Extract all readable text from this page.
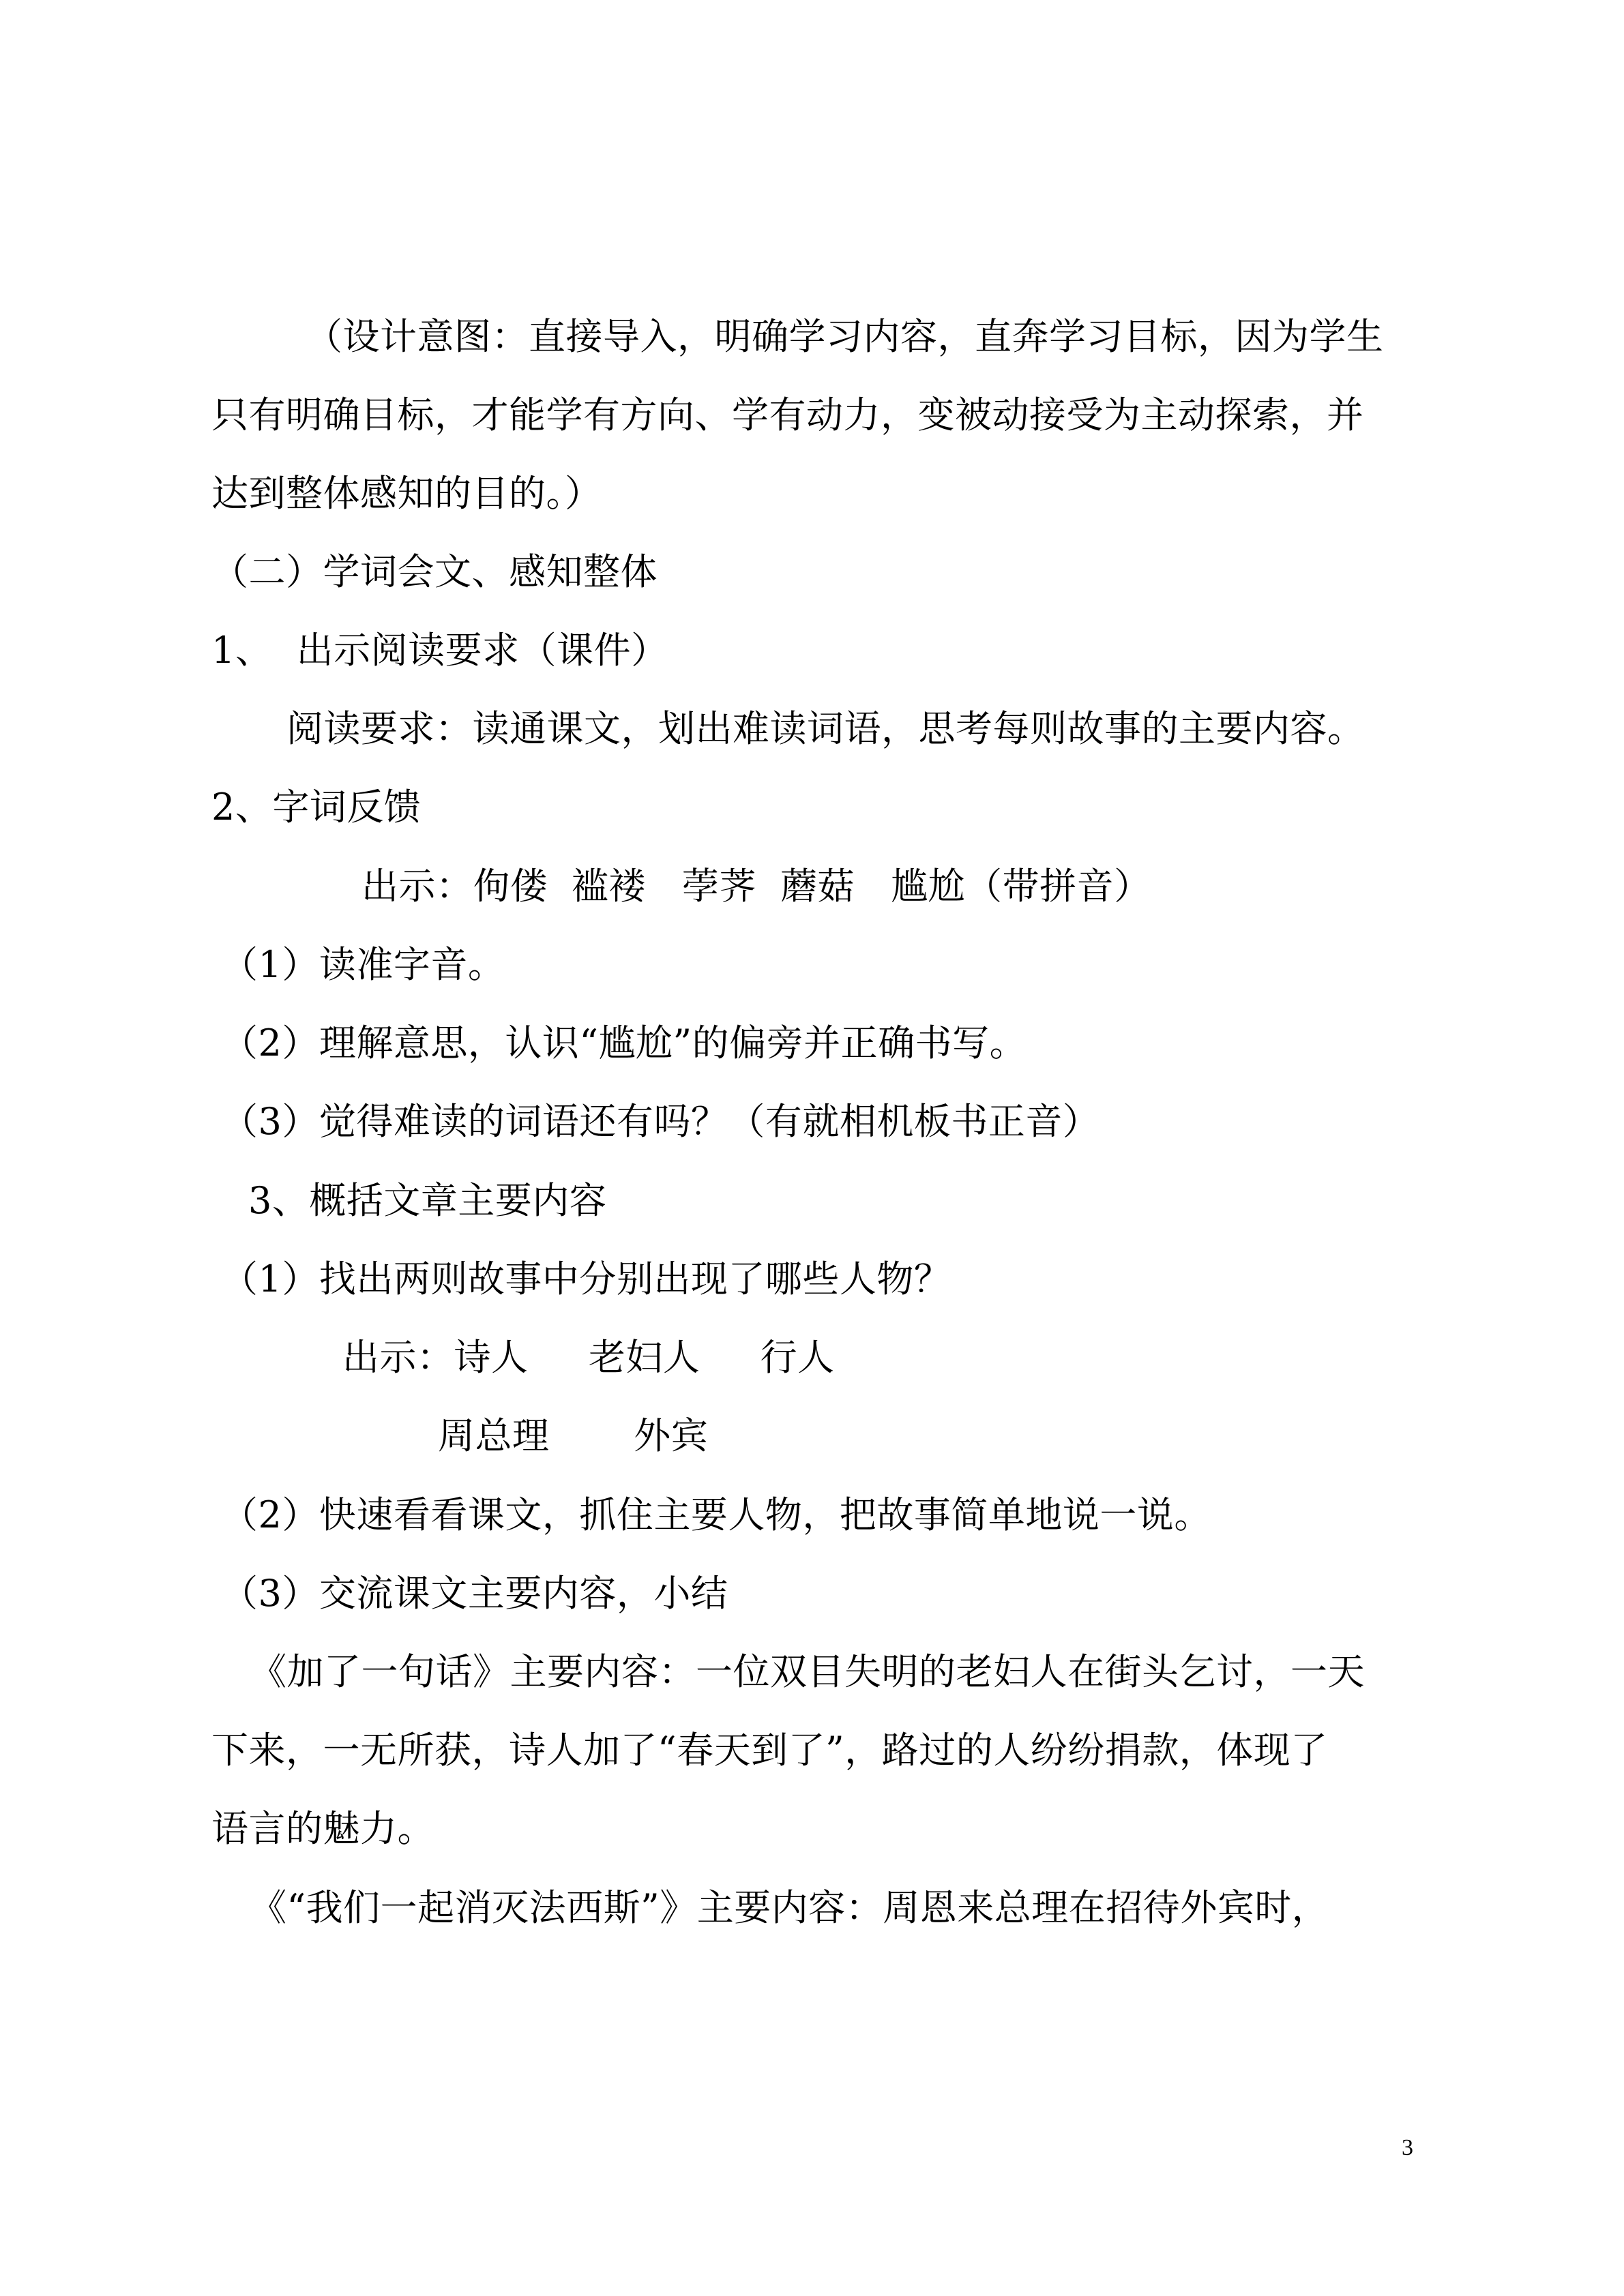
（设计意图：直接导入，明确学习内容，直奔学习目标，因为学生
只有明确目标，才能学有方向、学有动力，变被动接受为主动探索，并
达到整体感知的目的。）
（二）学词会文、感知整体
1、  出示阅读要求（课件）
阅读要求：读通课文，划出难读词语，思考每则故事的主要内容。
2、字词反馈
出示：佝偻  褴褛   荸荠  蘑菇   尴尬（带拼音）
（1）读准字音。
（2）理解意思，认识“尴尬”的偏旁并正确书写。
（3）觉得难读的词语还有吗？（有就相机板书正音）
3、概括文章主要内容
（1）找出两则故事中分别出现了哪些人物？
出示：诗人     老妇人     行人
周总理       外宾
（2）快速看看课文，抓住主要人物，把故事简单地说一说。
（3）交流课文主要内容，小结
《加了一句话》主要内容：一位双目失明的老妇人在街头乞讨，一天
下来，一无所获，诗人加了“春天到了”，路过的人纷纷捐款，体现了
语言的魅力。
《“我们一起消灭法西斯”》主要内容：周恩来总理在招待外宾时，
3
